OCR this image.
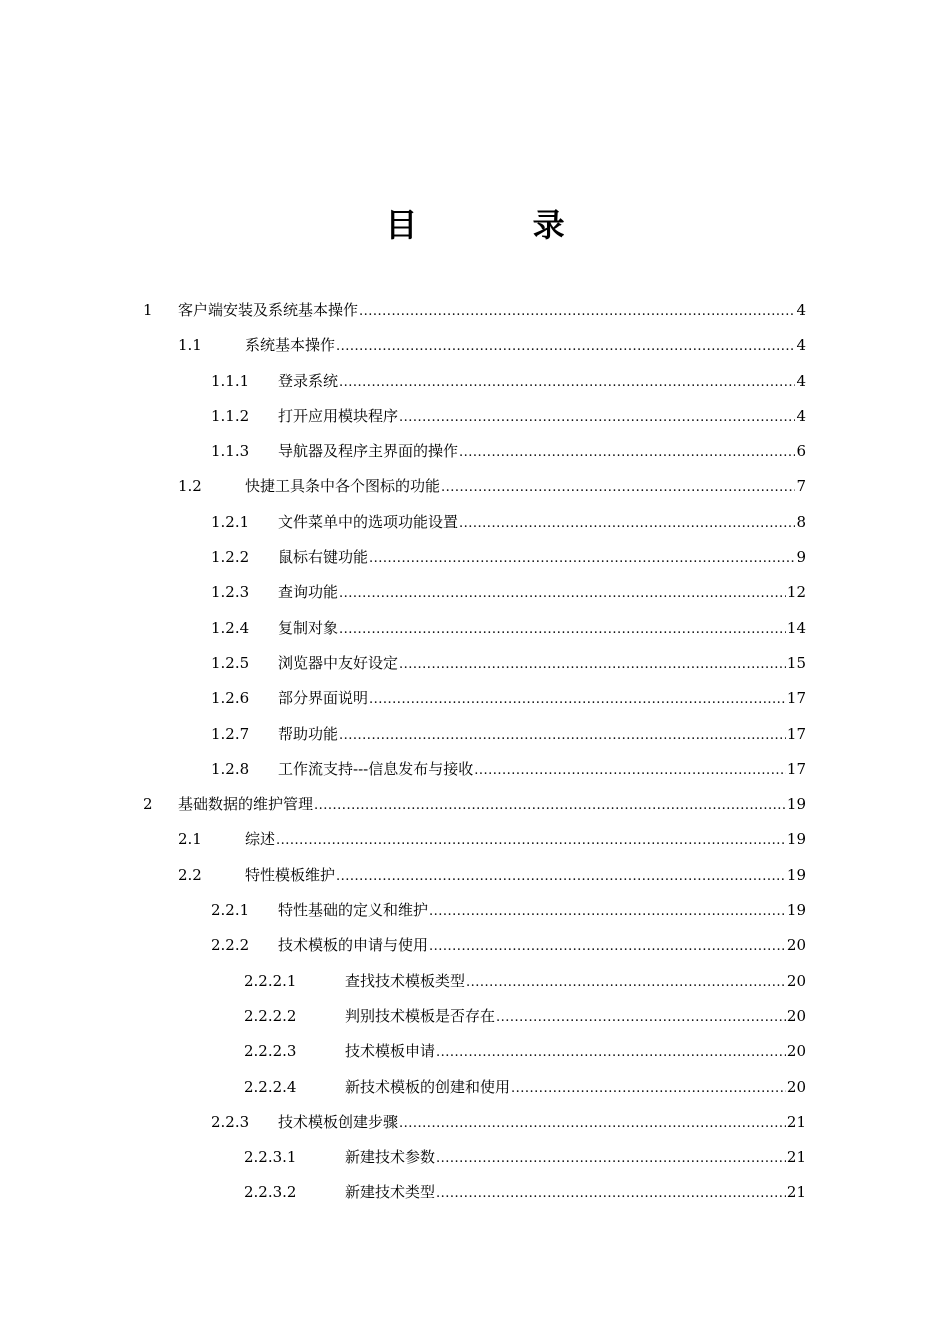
目 录
1 客户端安装及系统基本操作 .....	4
1.1	系统基本操作 .....	4
1.1.1 登录系统 .....	4
1.1.2 打开应用模块程序 .....	4
1.1.3 导航器及程序主界面的操作 .....	6
1.2	快捷工具条中各个图标的功能 .....	7
1.2.1 文件菜单中的选项功能设置 .....	8
1.2.2 鼠标右键功能 .....	9
1.2.3 查询功能 .....	12
1.2.4 复制对象 .....	14
1.2.5 浏览器中友好设定 .....	15
1.2.6 部分界面说明 .....	17
1.2.7 帮助功能 .....	17
1.2.8 工作流支持---信息发布与接收 .....	17
2 基础数据的维护管理 .....	19
2.1	综述 .....	19
2.2	特性模板维护 .....	19
2.2.1 特性基础的定义和维护 .....	19
2.2.2 技术模板的申请与使用 .....	20
2.2.2.1	查找技术模板类型 .....	20
2.2.2.2	判别技术模板是否存在 .....	20
2.2.2.3	技术模板申请 .....	20
2.2.2.4	新技术模板的创建和使用 .....	20
2.2.3 技术模板创建步骤 .....	21
2.2.3.1	新建技术参数 .....	21
2.2.3.2	新建技术类型 .....	21
